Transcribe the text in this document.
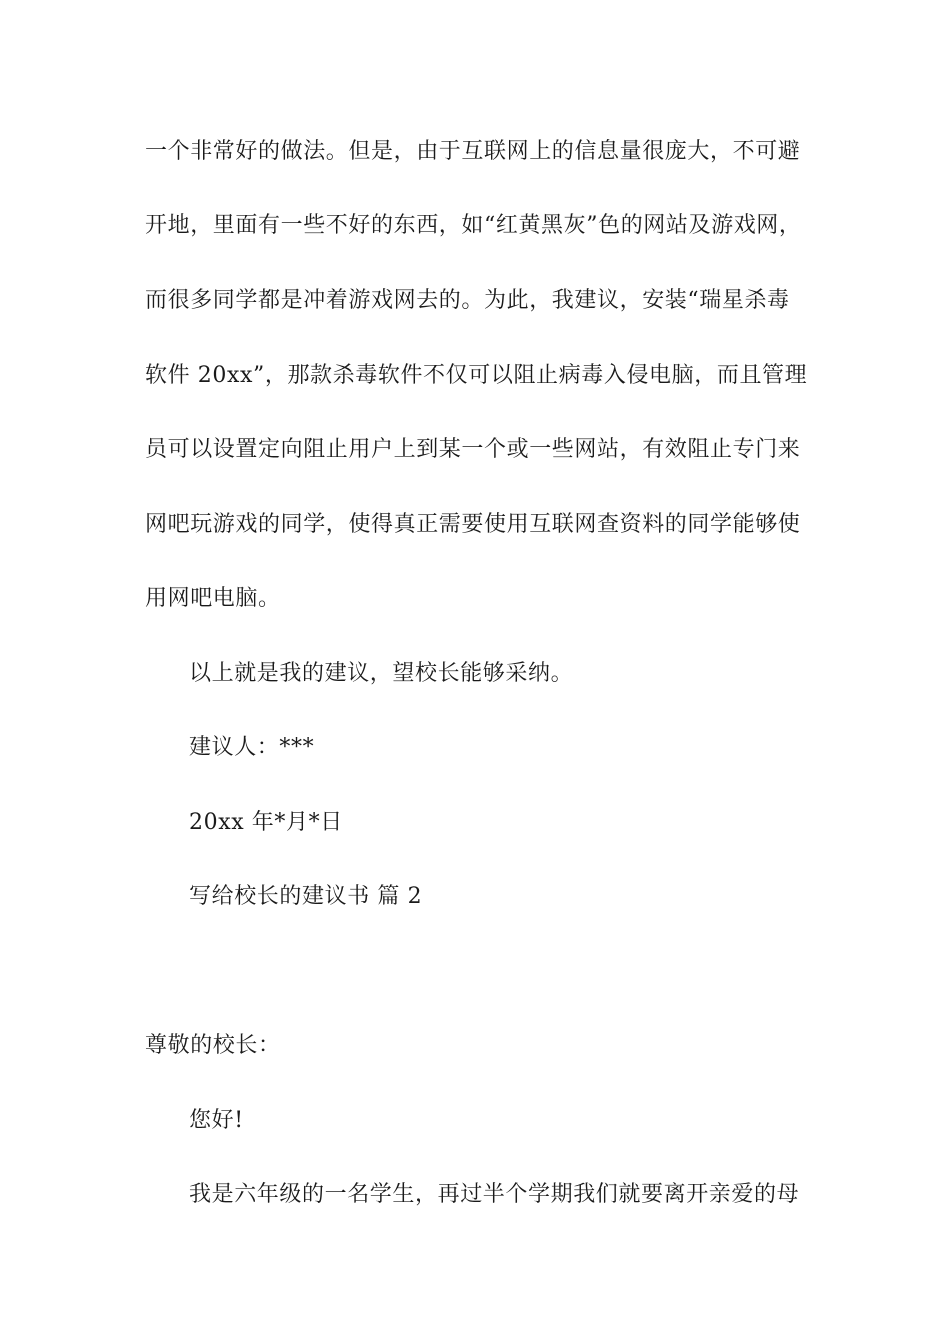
一个非常好的做法。但是，由于互联网上的信息量很庞大，不可避
开地，里面有一些不好的东西，如“红黄黑灰”色的网站及游戏网，
而很多同学都是冲着游戏网去的。为此，我建议，安装“瑞星杀毒
软件 20xx”，那款杀毒软件不仅可以阻止病毒入侵电脑，而且管理
员可以设置定向阻止用户上到某一个或一些网站，有效阻止专门来
网吧玩游戏的同学，使得真正需要使用互联网查资料的同学能够使
用网吧电脑。
以上就是我的建议，望校长能够采纳。
建议人：***
20xx 年*月*日
写给校长的建议书 篇 2
尊敬的校长：
您好!
我是六年级的一名学生，再过半个学期我们就要离开亲爱的母
